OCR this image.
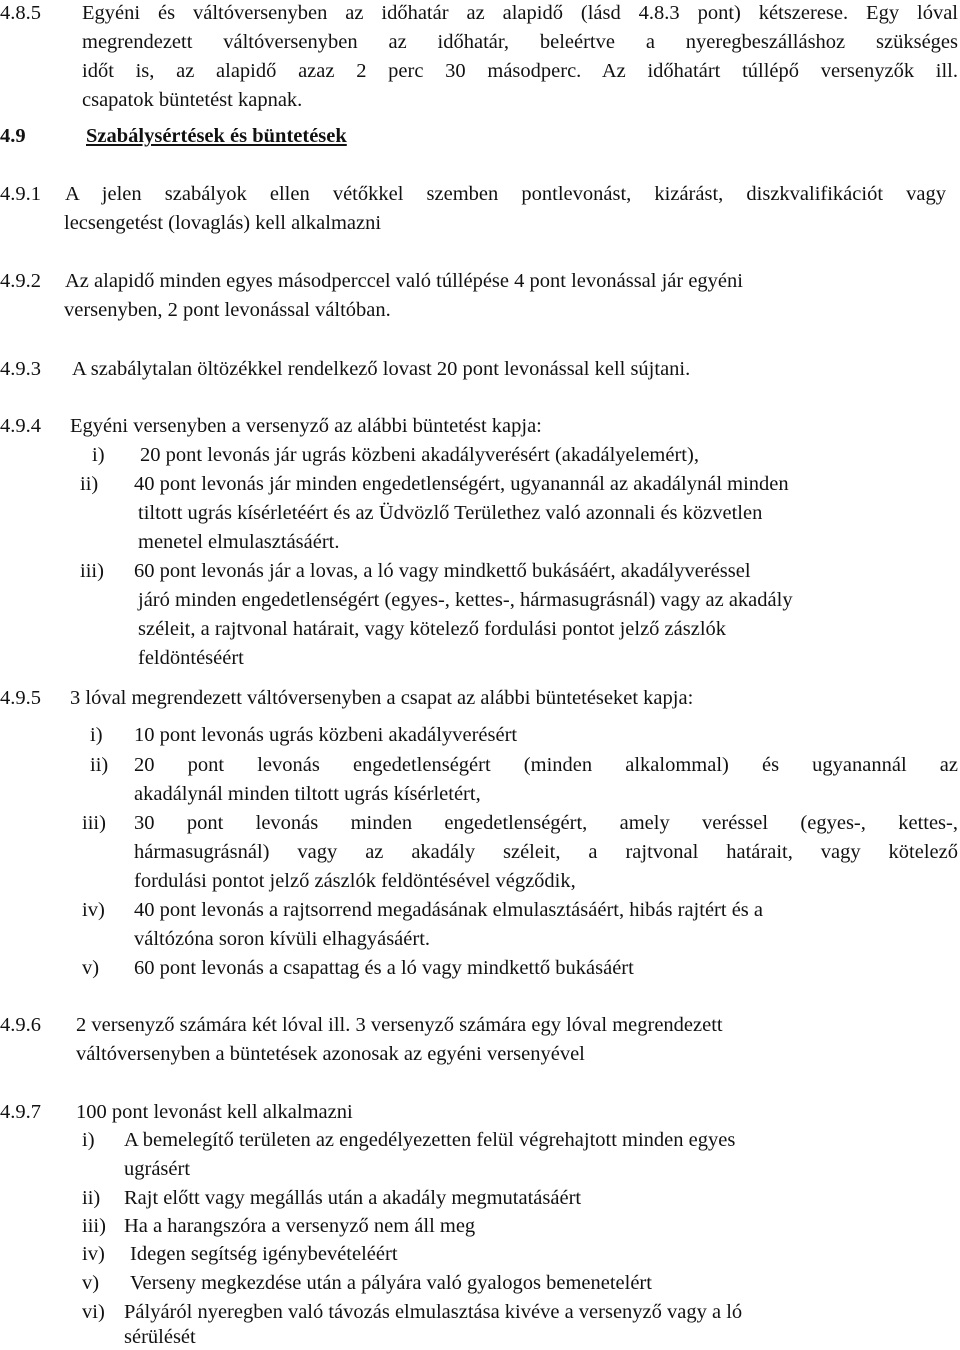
4.8.5 Egyéni és váltóversenyben az időhatár az alapidő (lásd 4.8.3 pont) kétszerese. Egy lóval
megrendezett váltóversenyben az időhatár, beleértve a nyeregbeszálláshoz szükséges
időt is, az alapidő azaz 2 perc 30 másodperc. Az időhatárt túllépő versenyzők ill.
csapatok büntetést kapnak.
4.9	Szabálysértések és büntetések
4.9.1 A jelen szabályok ellen vétőkkel szemben pontlevonást, kizárást, diszkvalifikációt vagy
lecsengetést (lovaglás) kell alkalmazni
4.9.2 Az alapidő minden egyes másodperccel való túllépése 4 pont levonással jár egyéni
versenyben, 2 pont levonással váltóban.
4.9.3 A szabálytalan öltözékkel rendelkező lovast 20 pont levonással kell sújtani.
4.9.4 Egyéni versenyben a versenyző az alábbi büntetést kapja:
i) 20 pont levonás jár ugrás közbeni akadályverésért (akadályelemért),
ii) 40 pont levonás jár minden engedetlenségért, ugyanannál az akadálynál minden
tiltott ugrás kísérletéért és az Üdvözlő Területhez való azonnali és közvetlen
menetel elmulasztásáért.
iii) 60 pont levonás jár a lovas, a ló vagy mindkettő bukásáért, akadályveréssel
járó minden engedetlenségért (egyes-, kettes-, hármasugrásnál) vagy az akadály
széleit, a rajtvonal határait, vagy kötelező fordulási pontot jelző zászlók
feldöntéséért
4.9.5 3 lóval megrendezett váltóversenyben a csapat az alábbi büntetéseket kapja:
i) 10 pont levonás ugrás közbeni akadályverésért
ii) 20 pont levonás engedetlenségért (minden alkalommal) és ugyanannál az
akadálynál minden tiltott ugrás kísérletért,
iii) 30 pont levonás minden engedetlenségért, amely veréssel (egyes-, kettes-,
hármasugrásnál) vagy az akadály széleit, a rajtvonal határait, vagy kötelező
fordulási pontot jelző zászlók feldöntésével végződik,
iv) 40 pont levonás a rajtsorrend megadásának elmulasztásáért, hibás rajtért és a
váltózóna soron kívüli elhagyásáért.
v) 60 pont levonás a csapattag és a ló vagy mindkettő bukásáért
4.9.6 2 versenyző számára két lóval ill. 3 versenyző számára egy lóval megrendezett
váltóversenyben a büntetések azonosak az egyéni versenyével
4.9.7 100 pont levonást kell alkalmazni
i) A bemelegítő területen az engedélyezetten felül végrehajtott minden egyes
ugrásért
ii) Rajt előtt vagy megállás után a akadály megmutatásáért
iii) Ha a harangszóra a versenyző nem áll meg
iv) Idegen segítség igénybevételéért
v) Verseny megkezdése után a pályára való gyalogos bemenetelért
vi) Pályáról nyeregben való távozás elmulasztása kivéve a versenyző vagy a ló
sérülését
